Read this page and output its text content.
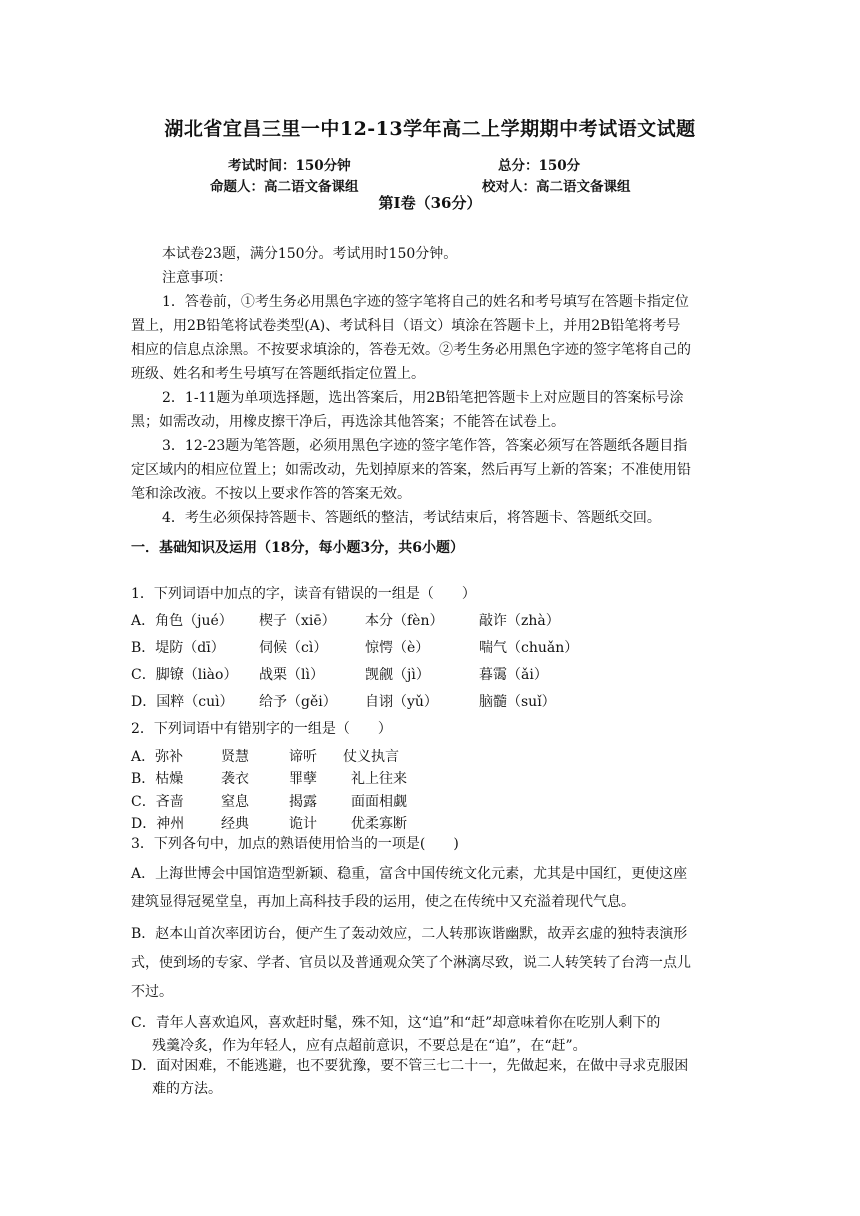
湖北省宜昌三里一中12-13学年高二上学期期中考试语文试题
考试时间：150分钟	总分：150分
命题人：高二语文备课组	校对人：高二语文备课组
第Ⅰ卷（36分）
本试卷23题，满分150分。考试用时150分钟。
注意事项：
1．答卷前，①考生务必用黑色字迹的签字笔将自己的姓名和考号填写在答题卡指定位
置上，用2B铅笔将试卷类型(A)、考试科目（语文）填涂在答题卡上，并用2B铅笔将考号
相应的信息点涂黑。不按要求填涂的，答卷无效。②考生务必用黑色字迹的签字笔将自己的
班级、姓名和考生号填写在答题纸指定位置上。
2．1-11题为单项选择题，选出答案后，用2B铅笔把答题卡上对应题目的答案标号涂
黑；如需改动，用橡皮擦干净后，再选涂其他答案；不能答在试卷上。
3．12-23题为笔答题，必须用黑色字迹的签字笔作答，答案必须写在答题纸各题目指
定区域内的相应位置上；如需改动，先划掉原来的答案，然后再写上新的答案；不准使用铅
笔和涂改液。不按以上要求作答的答案无效。
4．考生必须保持答题卡、答题纸的整洁，考试结束后，将答题卡、答题纸交回。
一．基础知识及运用（18分，每小题3分，共6小题）
1．下列词语中加点的字，读音有错误的一组是（　　）
A．角色（jué） 楔子（xiē） 本分（fèn）	敲诈（zhà）
B．堤防（dī） 伺候（cì）	惊愕（è）	喘气（chuǎn）
C．脚镣（liào） 战栗（lì）	觊觎（jì）	暮霭（ǎi）
D．国粹（cuì） 给予（gěi） 自诩（yǔ）	脑髓（suǐ）
2．下列词语中有错别字的一组是（　　）
A．弥补	贤慧	谛听 仗义执言
B．枯燥	袭衣	罪孽 礼上往来
C．吝啬	窒息	揭露 面面相觑
D．神州	经典	诡计 优柔寡断
3．下列各句中，加点的熟语使用恰当的一项是(　　)
A．上海世博会中国馆造型新颖、稳重，富含中国传统文化元素，尤其是中国红，更使这座
建筑显得冠冕堂皇，再加上高科技手段的运用，使之在传统中又充溢着现代气息。
B．赵本山首次率团访台，便产生了轰动效应，二人转那诙谐幽默，故弄玄虚的独特表演形
式，使到场的专家、学者、官员以及普通观众笑了个淋漓尽致，说二人转笑转了台湾一点儿
不过。
C．青年人喜欢追风，喜欢赶时髦，殊不知，这“追”和“赶”却意味着你在吃别人剩下的
残羹冷炙，作为年轻人，应有点超前意识，不要总是在“追”，在“赶”。
D．面对困难，不能逃避，也不要犹豫，要不管三七二十一，先做起来，在做中寻求克服困
难的方法。
